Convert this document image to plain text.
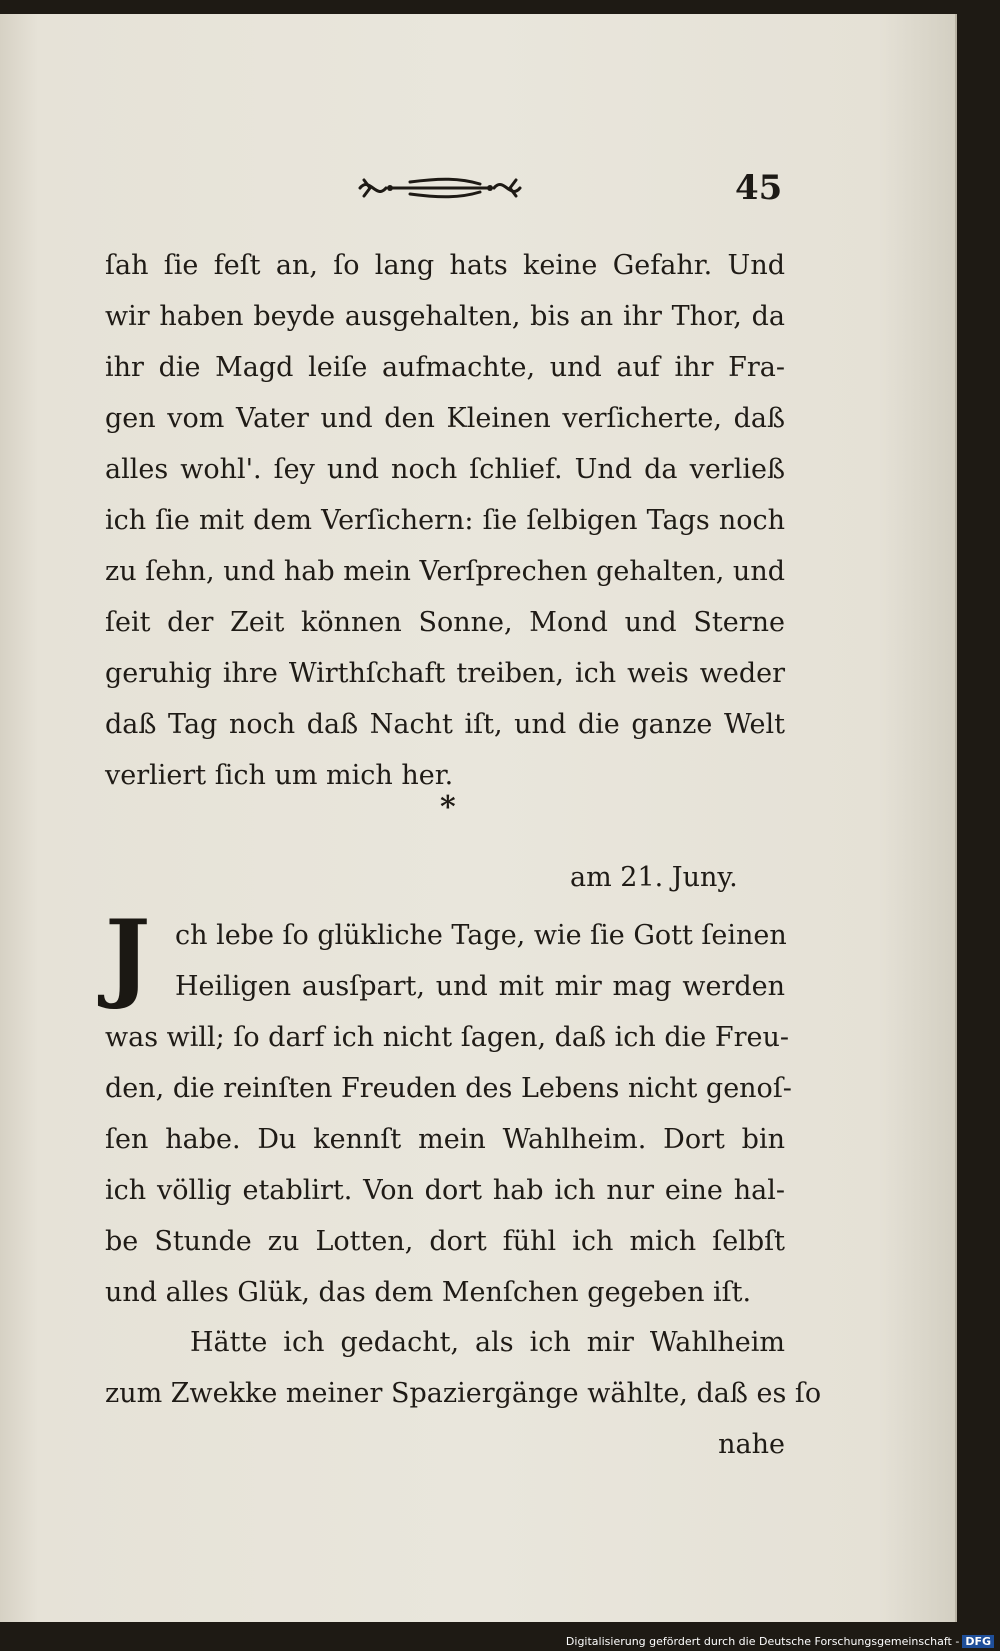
45
ſah ſie feſt an, ſo lang hats keine Gefahr. Und
wir haben beyde ausgehalten, bis an ihr Thor, da
ihr die Magd leiſe aufmachte, und auf ihr Fra-
gen vom Vater und den Kleinen verſicherte, daß
alles wohl'. ſey und noch ſchlief. Und da verließ
ich ſie mit dem Verſichern: ſie ſelbigen Tags noch
zu ſehn, und hab mein Verſprechen gehalten, und
ſeit der Zeit können Sonne, Mond und Sterne
geruhig ihre Wirthſchaft treiben, ich weis weder
daß Tag noch daß Nacht iſt, und die ganze Welt
verliert ſich um mich her.
*
am 21. Juny.
J ch lebe ſo glükliche Tage, wie ſie Gott ſeinen
Heiligen ausſpart, und mit mir mag werden
was will; ſo darf ich nicht ſagen, daß ich die Freu-
den, die reinſten Freuden des Lebens nicht genoſ-
ſen habe. Du kennſt mein Wahlheim. Dort bin
ich völlig etablirt. Von dort hab ich nur eine hal-
be Stunde zu Lotten, dort fühl ich mich ſelbſt
und alles Glük, das dem Menſchen gegeben iſt.
Hätte ich gedacht, als ich mir Wahlheim
zum Zwekke meiner Spaziergänge wählte, daß es ſo
nahe
Digitalisierung gefördert durch die Deutsche Forschungsgemeinschaft - DFG
